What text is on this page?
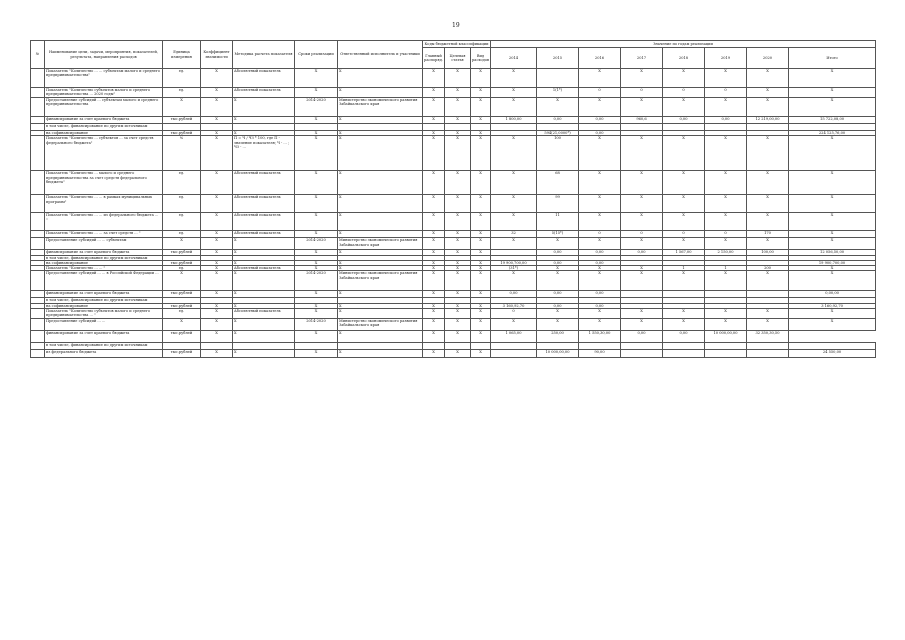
19
№	Наименование цели, задачи, мероприятия, показателей, результата, направления расходов	Единица измерения	Коэффициент значимости	Методика расчета показателя	Сроки реализации	Ответственный исполнитель и участники	Коды бюджетной классификации			Значение по годам реализации							
							Главный распоряд.	Целевая статья	Вид расходов	2014	2015	2016	2017	2018	2019	2020	Итого
	Показатель "Количество ... ... субъектам малого и среднего предпринимательства"	ед.	Х	Абсолютный показатель	Х	Х	Х	Х	Х	Х		Х	Х	Х	Х	Х	Х
	Показатель "Количество субъектов малого и среднего предпринимательства ... 2020 годы"	ед.	Х	Абсолютный показатель	Х	Х	Х	Х	Х	Х	1(1*)	0	0	0	0	Х	Х
	Предоставление субсидий ... субъектам малого и среднего предпринимательства	Х	Х	Х	2014-2020	Министерство экономического развития Забайкальского края	Х	Х	Х	Х	Х	Х	Х	Х	Х	Х	Х
	финансирование за счет краевого бюджета	тыс.рублей	Х	Х	Х	Х	Х	Х	Х	1 800,00	0,00	0,00	960,6	0,00	0,00	12 219,00,00	15 722,08,00
	в том числе, финансирование по другим источникам																
	на софинансирование	тыс.рублей	Х	Х	Х	Х	Х	Х	Х		594(21,0000*)	0,00					224 125,76,00
	Показатель "Количество ... субъектов ... за счет средств федерального бюджета"	%	Х	П = Ч / ЧЗ * 100, где П - значение показателя; Ч - ... ; ЧЗ - ...	Х	Х	Х	Х	Х	Х	100	Х	Х	Х	Х	Х	Х
	Показатель "Количество ... малого и среднего предпринимательства за счет средств федерального бюджета"	ед.	Х	Абсолютный показатель	Х	Х	Х	Х	Х	Х	68	Х	Х	Х	Х	Х	Х
	Показатель "Количество ... ... в рамках муниципальных программ"	ед.	Х	Абсолютный показатель	Х	Х	Х	Х	Х	Х	99	Х	Х	Х	Х	Х	Х
	Показатель "Количество ... ... из федерального бюджета ... "	ед.	Х	Абсолютный показатель	Х	Х	Х	Х	Х	Х	11	Х	Х	Х	Х	Х	Х
	Показатель "Количество ... ... за счет средств ... "	ед.	Х	Абсолютный показатель	Х	Х	Х	Х	Х	32	5(15*)	0	0	0	0	170	Х
	Предоставление субсидий ... ... субъектам	Х	Х	Х	2014-2020	Министерство экономического развития Забайкальского края	Х	Х	Х	Х	Х	Х	Х	Х	Х	Х	Х
	финансирование за счет краевого бюджета	тыс.рублей	Х	Х	Х	Х	Х	Х	Х		0,00	0,00	0,00	1 567,00	2 150,00	100,00	12 056,50,00
	в том числе, финансирование по другим источникам																
	на софинансирование	тыс.рублей	Х	Х	Х	Х	Х	Х	Х	19 900,700,00	0,00	0,00					19 900,700,00
	Показатель "Количество ... ... "	ед.	Х	Абсолютный показатель	Х	Х	Х	Х	Х	(31*)	Х	Х	Х	1	1	200	Х
	Предоставление субсидий ... ... в Российской Федерации ...	Х	Х	Х	2014-2020	Министерство экономического развития Забайкальского края	Х	Х	Х	Х	Х	Х	Х	Х	Х	Х	Х
	финансирование за счет краевого бюджета	тыс.рублей	Х	Х	Х	Х	Х	Х	Х	0,00	0,00	0,00					0,00,00
	в том числе, финансирование по другим источникам																
	на софинансирование	тыс.рублей	Х	Х	Х	Х	Х	Х	Х	3 160,92,70	0,00	0,00					3 160,92,70
	Показатель "Количество субъектов малого и среднего предпринимательства ... "	ед.	Х	Абсолютный показатель	Х	Х	Х	Х	Х	0	Х	Х	Х	Х	Х	Х	Х
	Предоставление субсидий ... ...	Х	Х	Х	2014-2020	Министерство экономического развития Забайкальского края	Х	Х	Х	Х	Х	Х	Х	Х	Х	Х	Х
	финансирование за счет краевого бюджета	тыс.рублей	Х	Х	Х	Х	Х	Х	Х	1 065,00	250,00	1 550,30,00	0,00	0,00	10 000,00,00	32 350,30,50	
	в том числе, финансирование по другим источникам																
	из федерального бюджета	тыс.рублей	Х	Х	Х	Х	Х	Х	Х		10 000,00,00	90,00					24 550,00
